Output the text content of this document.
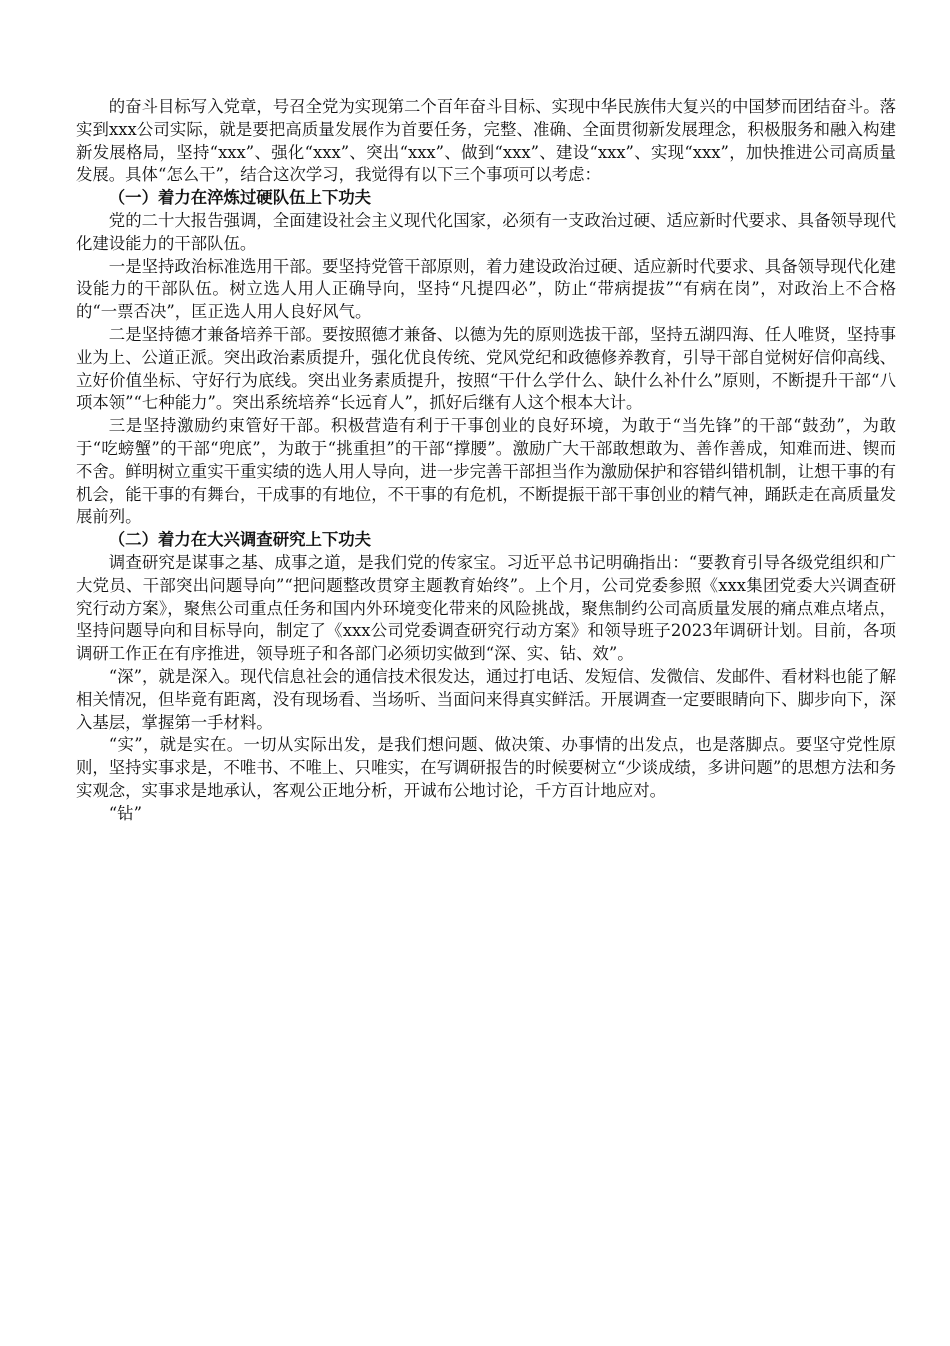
的奋斗目标写入党章，号召全党为实现第二个百年奋斗目标、实现中华民族伟大复兴的中国梦而团结奋斗。落实到xxx公司实际，就是要把高质量发展作为首要任务，完整、准确、全面贯彻新发展理念，积极服务和融入构建新发展格局，坚持“xxx”、强化“xxx”、突出“xxx”、做到“xxx”、建设“xxx”、实现“xxx”，加快推进公司高质量发展。具体“怎么干”，结合这次学习，我觉得有以下三个事项可以考虑：

（一）着力在淬炼过硬队伍上下功夫

党的二十大报告强调，全面建设社会主义现代化国家，必须有一支政治过硬、适应新时代要求、具备领导现代化建设能力的干部队伍。

一是坚持政治标准选用干部。要坚持党管干部原则，着力建设政治过硬、适应新时代要求、具备领导现代化建设能力的干部队伍。树立选人用人正确导向，坚持“凡提四必”，防止“带病提拔”“有病在岗”，对政治上不合格的“一票否决”，匡正选人用人良好风气。

二是坚持德才兼备培养干部。要按照德才兼备、以德为先的原则选拔干部，坚持五湖四海、任人唯贤，坚持事业为上、公道正派。突出政治素质提升，强化优良传统、党风党纪和政德修养教育，引导干部自觉树好信仰高线、立好价值坐标、守好行为底线。突出业务素质提升，按照“干什么学什么、缺什么补什么”原则，不断提升干部“八项本领”“七种能力”。突出系统培养“长远育人”，抓好后继有人这个根本大计。

三是坚持激励约束管好干部。积极营造有利于干事创业的良好环境，为敢于“当先锋”的干部“鼓劲”，为敢于“吃螃蟹”的干部“兜底”，为敢于“挑重担”的干部“撑腰”。激励广大干部敢想敢为、善作善成，知难而进、锲而不舍。鲜明树立重实干重实绩的选人用人导向，进一步完善干部担当作为激励保护和容错纠错机制，让想干事的有机会，能干事的有舞台，干成事的有地位，不干事的有危机，不断提振干部干事创业的精气神，踊跃走在高质量发展前列。

（二）着力在大兴调查研究上下功夫

调查研究是谋事之基、成事之道，是我们党的传家宝。习近平总书记明确指出：“要教育引导各级党组织和广大党员、干部突出问题导向”“把问题整改贯穿主题教育始终”。上个月，公司党委参照《xxx集团党委大兴调查研究行动方案》，聚焦公司重点任务和国内外环境变化带来的风险挑战，聚焦制约公司高质量发展的痛点难点堵点，坚持问题导向和目标导向，制定了《xxx公司党委调查研究行动方案》和领导班子2023年调研计划。目前，各项调研工作正在有序推进，领导班子和各部门必须切实做到“深、实、钻、效”。

“深”，就是深入。现代信息社会的通信技术很发达，通过打电话、发短信、发微信、发邮件、看材料也能了解相关情况，但毕竟有距离，没有现场看、当场听、当面问来得真实鲜活。开展调查一定要眼睛向下、脚步向下，深入基层，掌握第一手材料。

“实”，就是实在。一切从实际出发，是我们想问题、做决策、办事情的出发点，也是落脚点。要坚守党性原则，坚持实事求是，不唯书、不唯上、只唯实，在写调研报告的时候要树立“少谈成绩，多讲问题”的思想方法和务实观念，实事求是地承认，客观公正地分析，开诚布公地讨论，千方百计地应对。

“钻”
